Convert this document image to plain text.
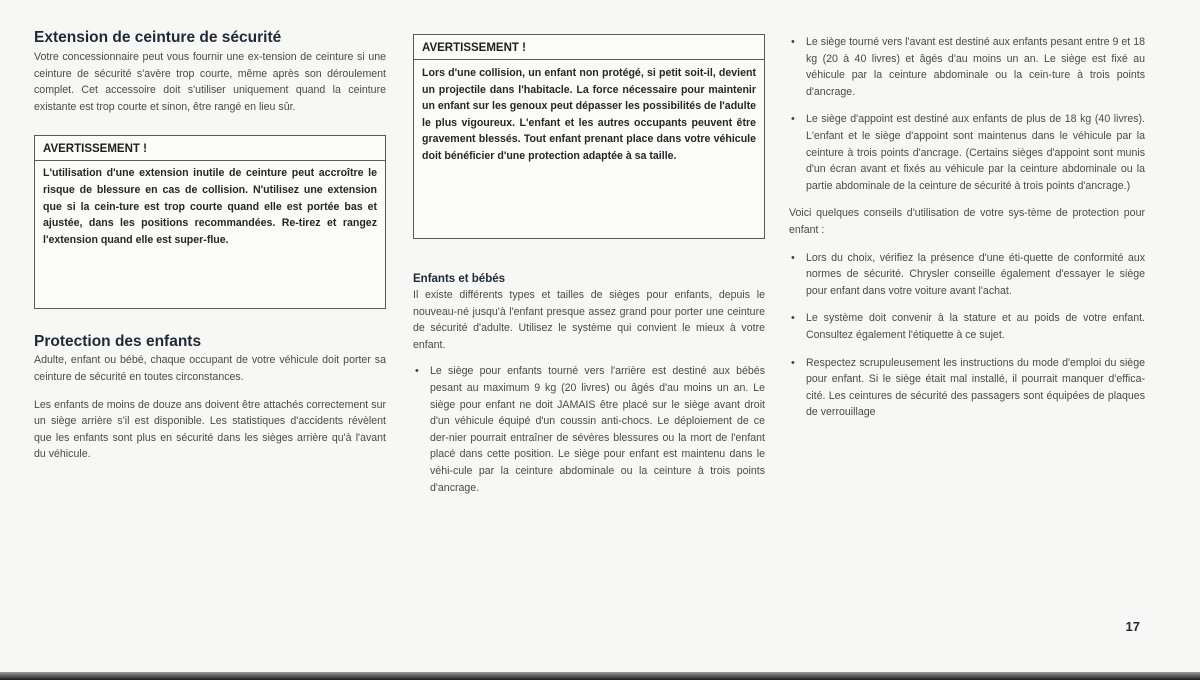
Extension de ceinture de sécurité

Votre concessionnaire peut vous fournir une ex-tension de ceinture si une ceinture de sécurité s'avère trop courte, même après son déroulement complet. Cet accessoire doit s'utiliser uniquement quand la ceinture existante est trop courte et sinon, être rangé en lieu sûr.

AVERTISSEMENT !

L'utilisation d'une extension inutile de ceinture peut accroître le risque de blessure en cas de collision. N'utilisez une extension que si la cein-ture est trop courte quand elle est portée bas et ajustée, dans les positions recommandées. Re-tirez et rangez l'extension quand elle est super-flue.

Protection des enfants

Adulte, enfant ou bébé, chaque occupant de votre véhicule doit porter sa ceinture de sécurité en toutes circonstances.

Les enfants de moins de douze ans doivent être attachés correctement sur un siège arrière s'il est disponible. Les statistiques d'accidents révèlent que les enfants sont plus en sécurité dans les sièges arrière qu'à l'avant du véhicule.

AVERTISSEMENT !

Lors d'une collision, un enfant non protégé, si petit soit-il, devient un projectile dans l'habitacle. La force nécessaire pour maintenir un enfant sur les genoux peut dépasser les possibilités de l'adulte le plus vigoureux. L'enfant et les autres occupants peuvent être gravement blessés. Tout enfant prenant place dans votre véhicule doit bénéficier d'une protection adaptée à sa taille.

Enfants et bébés

Il existe différents types et tailles de sièges pour enfants, depuis le nouveau-né jusqu'à l'enfant presque assez grand pour porter une ceinture de sécurité d'adulte. Utilisez le système qui convient le mieux à votre enfant.

• Le siège pour enfants tourné vers l'arrière est destiné aux bébés pesant au maximum 9 kg (20 livres) ou âgés d'au moins un an. Le siège pour enfant ne doit JAMAIS être placé sur le siège avant droit d'un véhicule équipé d'un coussin anti-chocs. Le déploiement de ce der-nier pourrait entraîner de sévères blessures ou la mort de l'enfant placé dans cette position. Le siège pour enfant est maintenu dans le véhi-cule par la ceinture abdominale ou la ceinture à trois points d'ancrage.
• Le siège tourné vers l'avant est destiné aux enfants pesant entre 9 et 18 kg (20 à 40 livres) et âgés d'au moins un an. Le siège est fixé au véhicule par la ceinture abdominale ou la cein-ture à trois points d'ancrage.
• Le siège d'appoint est destiné aux enfants de plus de 18 kg (40 livres). L'enfant et le siège d'appoint sont maintenus dans le véhicule par la ceinture à trois points d'ancrage. (Certains sièges d'appoint sont munis d'un écran avant et fixés au véhicule par la ceinture abdominale ou la partie abdominale de la ceinture de sécurité à trois points d'ancrage.)

Voici quelques conseils d'utilisation de votre sys-tème de protection pour enfant :

• Lors du choix, vérifiez la présence d'une éti-quette de conformité aux normes de sécurité. Chrysler conseille également d'essayer le siège pour enfant dans votre voiture avant l'achat.
• Le système doit convenir à la stature et au poids de votre enfant. Consultez également l'étiquette à ce sujet.
• Respectez scrupuleusement les instructions du mode d'emploi du siège pour enfant. Si le siège était mal installé, il pourrait manquer d'effica-cité. Les ceintures de sécurité des passagers sont équipées de plaques de verrouillage
17
